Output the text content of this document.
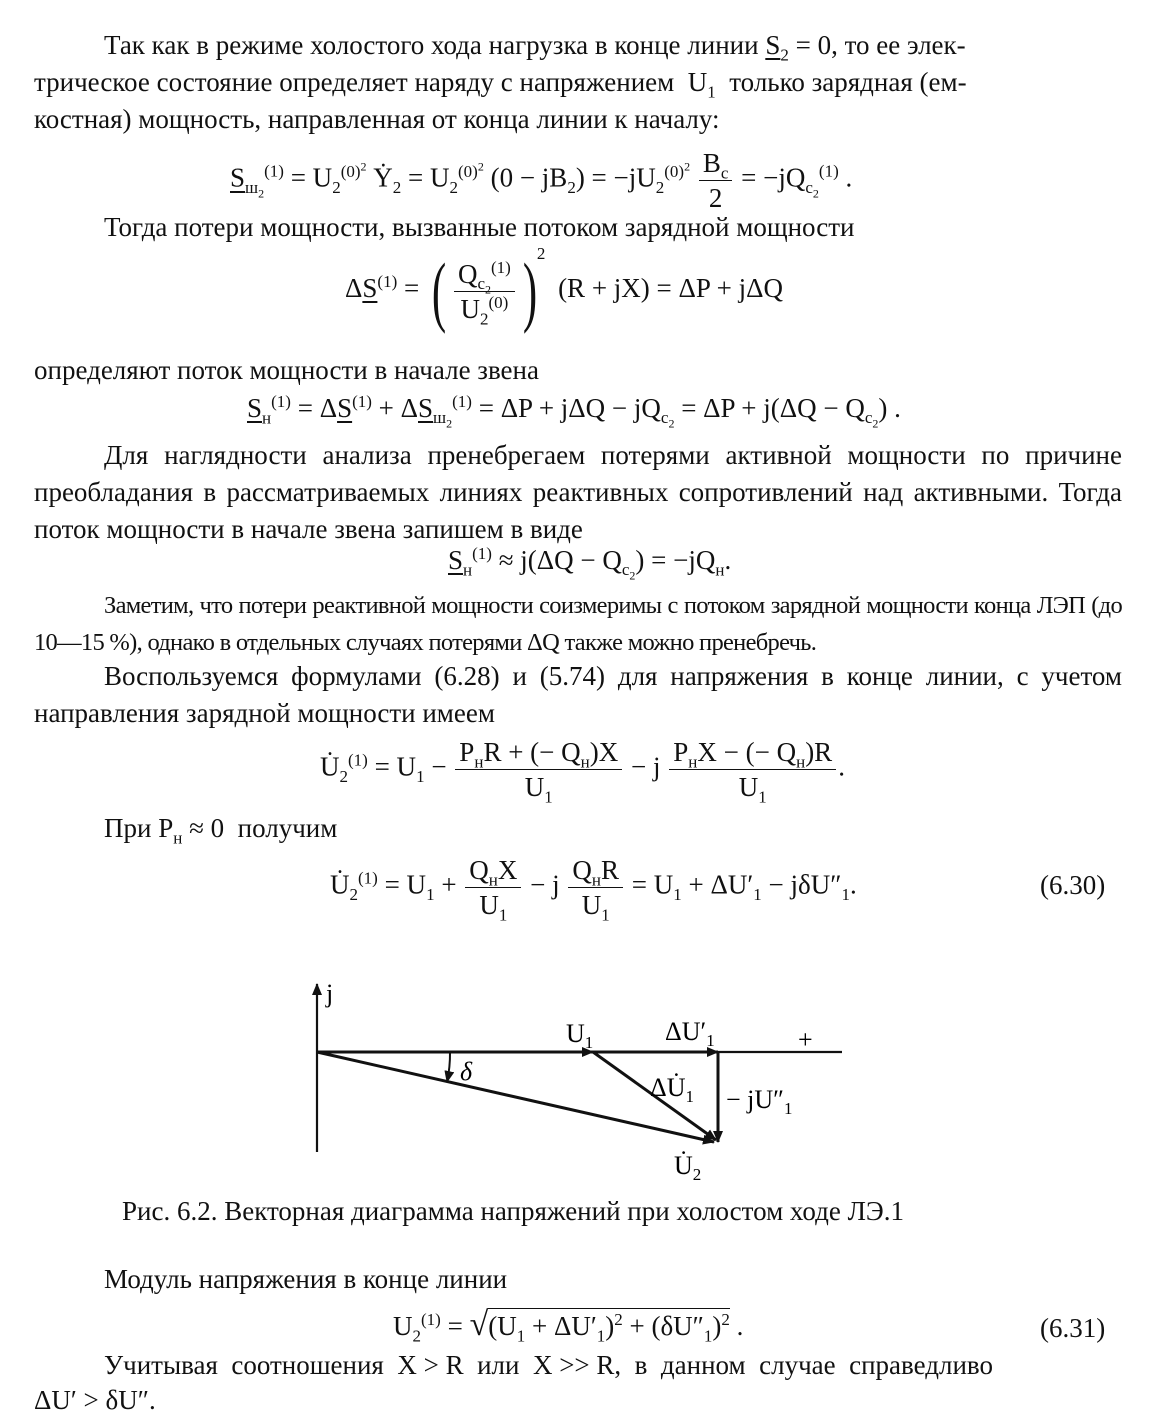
Так как в режиме холостого хода нагрузка в конце линии $S_2 = 0$, то ее элек-
трическое состояние определяет наряду с напряжением  $U_1$  только зарядная (ем-
костная) мощность, направленная от конца линии к началу:
$S_{ш_2}^{(1)} = U_2^{(0)^2}$ Ẏ$_2$ = $U_2^{(0)^2}$ $(0 - jB_2) = -jU_2^{(0)^2} \frac{B_c}{2} = -jQ_{c_2}^{(1)}$ .
Тогда потери мощности, вызванные потоком зарядной мощности
$\Delta S^{(1)}$ = ( $\frac{Q_{c_2}^{(1)}}{U_2^{(0)}} )^2$ (R + jX) = ΔP + jΔQ
определяют поток мощности в начале звена
$S_н^{(1)} = \Delta S^{(1)} + \Delta S_{ш_2}^{(1)} = \Delta P + j\Delta Q - jQ_{c_2} = \Delta P + j(\Delta Q - Q_{c_2})$ .
Для наглядности анализа пренебрегаем потерями активной мощности по причине преобладания в рассматриваемых линиях реактивных сопротивлений над активными. Тогда поток мощности в начале звена запишем в виде
$S_н^{(1)} \approx j(\Delta Q - Q_{c_2}) = -jQ_н$.
Заметим, что потери реактивной мощности соизмеримы с потоком зарядной мощности конца ЛЭП (до 10—15 %), однако в отдельных случаях потерями ΔQ также можно пренебречь.
Воспользуемся формулами (6.28) и (5.74) для напряжения в конце линии, с учетом направления зарядной мощности имеем
$U̇_2^{(1)} = U_1 - \frac{P_нR + (- Q_н)X}{U_1} - j \frac{P_нX - (- Q_н)R}{U_1}$ .
При $P_н \approx 0$  получим
$U̇_2^{(1)} = U_1 + \frac{Q_нX}{U_1} - j \frac{Q_нR}{U_1} = U_1 + \Delta U'_1 - j\delta U''_1$.	(6.30)
j
+
$U_1$	$\Delta U'_1$
δ
$\Delta U̇_1 - jU''_1$
$U̇_2$
Рис. 6.2. Векторная диаграмма напряжений при холостом ходе ЛЭ.1
Модуль напряжения в конце линии
$U_2^{(1)} = √(U_1 + \Delta U'_1)^2 + (\delta U''_1)^2$ .	(6.31)
Учитывая  соотношения  X > R  или  X >> R,  в  данном  случае  справедливо
ΔU′ > δU″.
